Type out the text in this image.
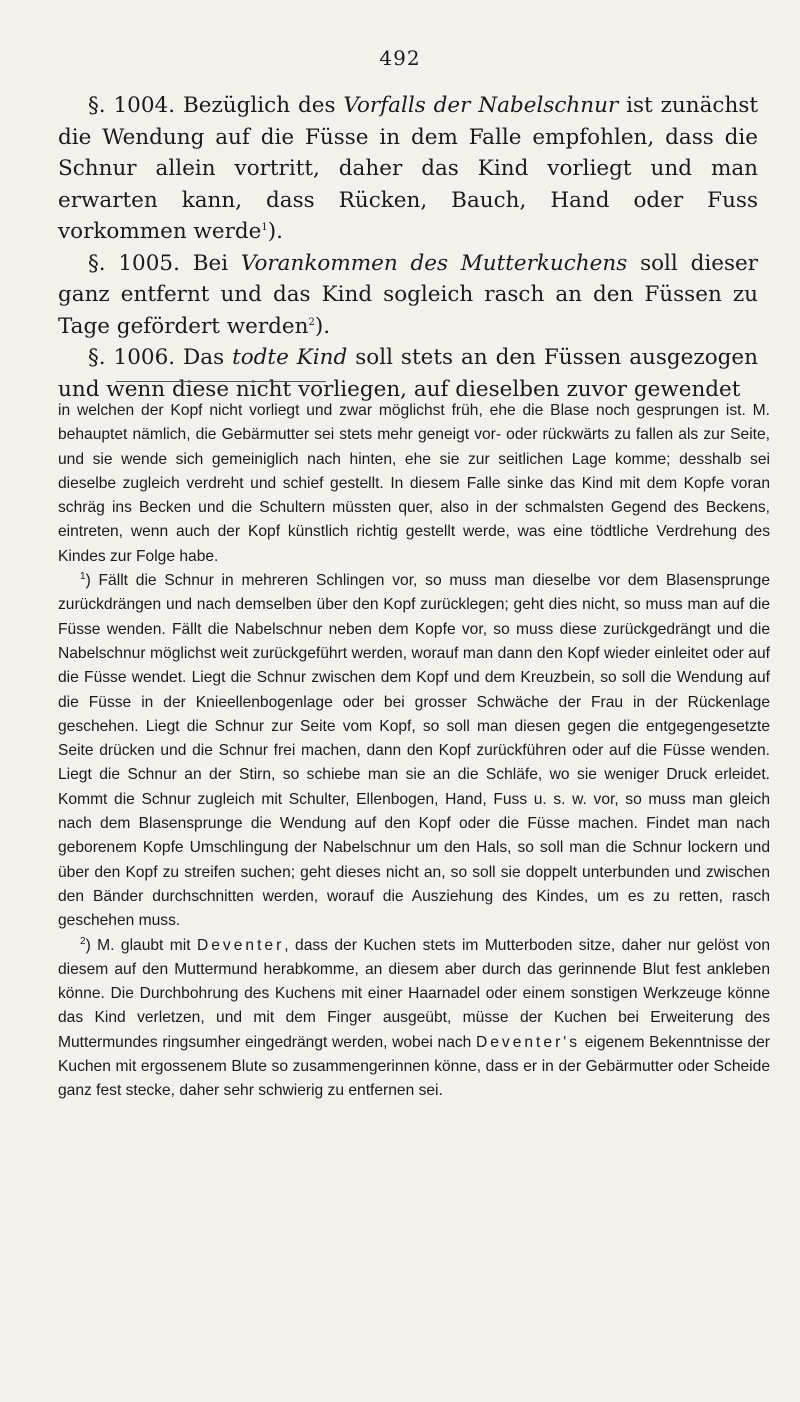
492

§. 1004. Bezüglich des Vorfalls der Nabelschnur ist zunächst die Wendung auf die Füsse in dem Falle empfohlen, dass die Schnur allein vortritt, daher das Kind vorliegt und man erwarten kann, dass Rücken, Bauch, Hand oder Fuss vorkommen werde$^1$).

§. 1005. Bei Vorankommen des Mutterkuchens soll dieser ganz entfernt und das Kind sogleich rasch an den Füssen zu Tage gefördert werden$^2$).

§. 1006. Das todte Kind soll stets an den Füssen ausgezogen und wenn diese nicht vorliegen, auf dieselben zuvor gewendet

in welchen der Kopf nicht vorliegt und zwar möglichst früh, ehe die Blase noch gesprungen ist. M. behauptet nämlich, die Gebärmutter sei stets mehr geneigt vor- oder rückwärts zu fallen als zur Seite, und sie wende sich gemeiniglich nach hinten, ehe sie zur seitlichen Lage komme; desshalb sei dieselbe zugleich verdreht und schief gestellt. In diesem Falle sinke das Kind mit dem Kopfe voran schräg ins Becken und die Schultern müssten quer, also in der schmalsten Gegend des Beckens, eintreten, wenn auch der Kopf künstlich richtig gestellt werde, was eine tödtliche Verdrehung des Kindes zur Folge habe.

$^1$) Fällt die Schnur in mehreren Schlingen vor, so muss man dieselbe vor dem Blasensprunge zurückdrängen und nach demselben über den Kopf zurücklegen; geht dies nicht, so muss man auf die Füsse wenden. Fällt die Nabelschnur neben dem Kopfe vor, so muss diese zurückgedrängt und die Nabelschnur möglichst weit zurückgeführt werden, worauf man dann den Kopf wieder einleitet oder auf die Füsse wendet. Liegt die Schnur zwischen dem Kopf und dem Kreuzbein, so soll die Wendung auf die Füsse in der Knieellenbogenlage oder bei grosser Schwäche der Frau in der Rückenlage geschehen. Liegt die Schnur zur Seite vom Kopf, so soll man diesen gegen die entgegengesetzte Seite drücken und die Schnur frei machen, dann den Kopf zurückführen oder auf die Füsse wenden. Liegt die Schnur an der Stirn, so schiebe man sie an die Schläfe, wo sie weniger Druck erleidet. Kommt die Schnur zugleich mit Schulter, Ellenbogen, Hand, Fuss u. s. w. vor, so muss man gleich nach dem Blasensprunge die Wendung auf den Kopf oder die Füsse machen. Findet man nach geborenem Kopfe Umschlingung der Nabelschnur um den Hals, so soll man die Schnur lockern und über den Kopf zu streifen suchen; geht dieses nicht an, so soll sie doppelt unterbunden und zwischen den Bänder durchschnitten werden, worauf die Ausziehung des Kindes, um es zu retten, rasch geschehen muss.

$^2$) M. glaubt mit Deventer, dass der Kuchen stets im Mutterboden sitze, daher nur gelöst von diesem auf den Muttermund herabkomme, an diesem aber durch das gerinnende Blut fest ankleben könne. Die Durchbohrung des Kuchens mit einer Haarnadel oder einem sonstigen Werkzeuge könne das Kind verletzen, und mit dem Finger ausgeübt, müsse der Kuchen bei Erweiterung des Muttermundes ringsumher eingedrängt werden, wobei nach Deventer's eigenem Bekenntnisse der Kuchen mit ergossenem Blute so zusammengerinnen könne, dass er in der Gebärmutter oder Scheide ganz fest stecke, daher sehr schwierig zu entfernen sei.
